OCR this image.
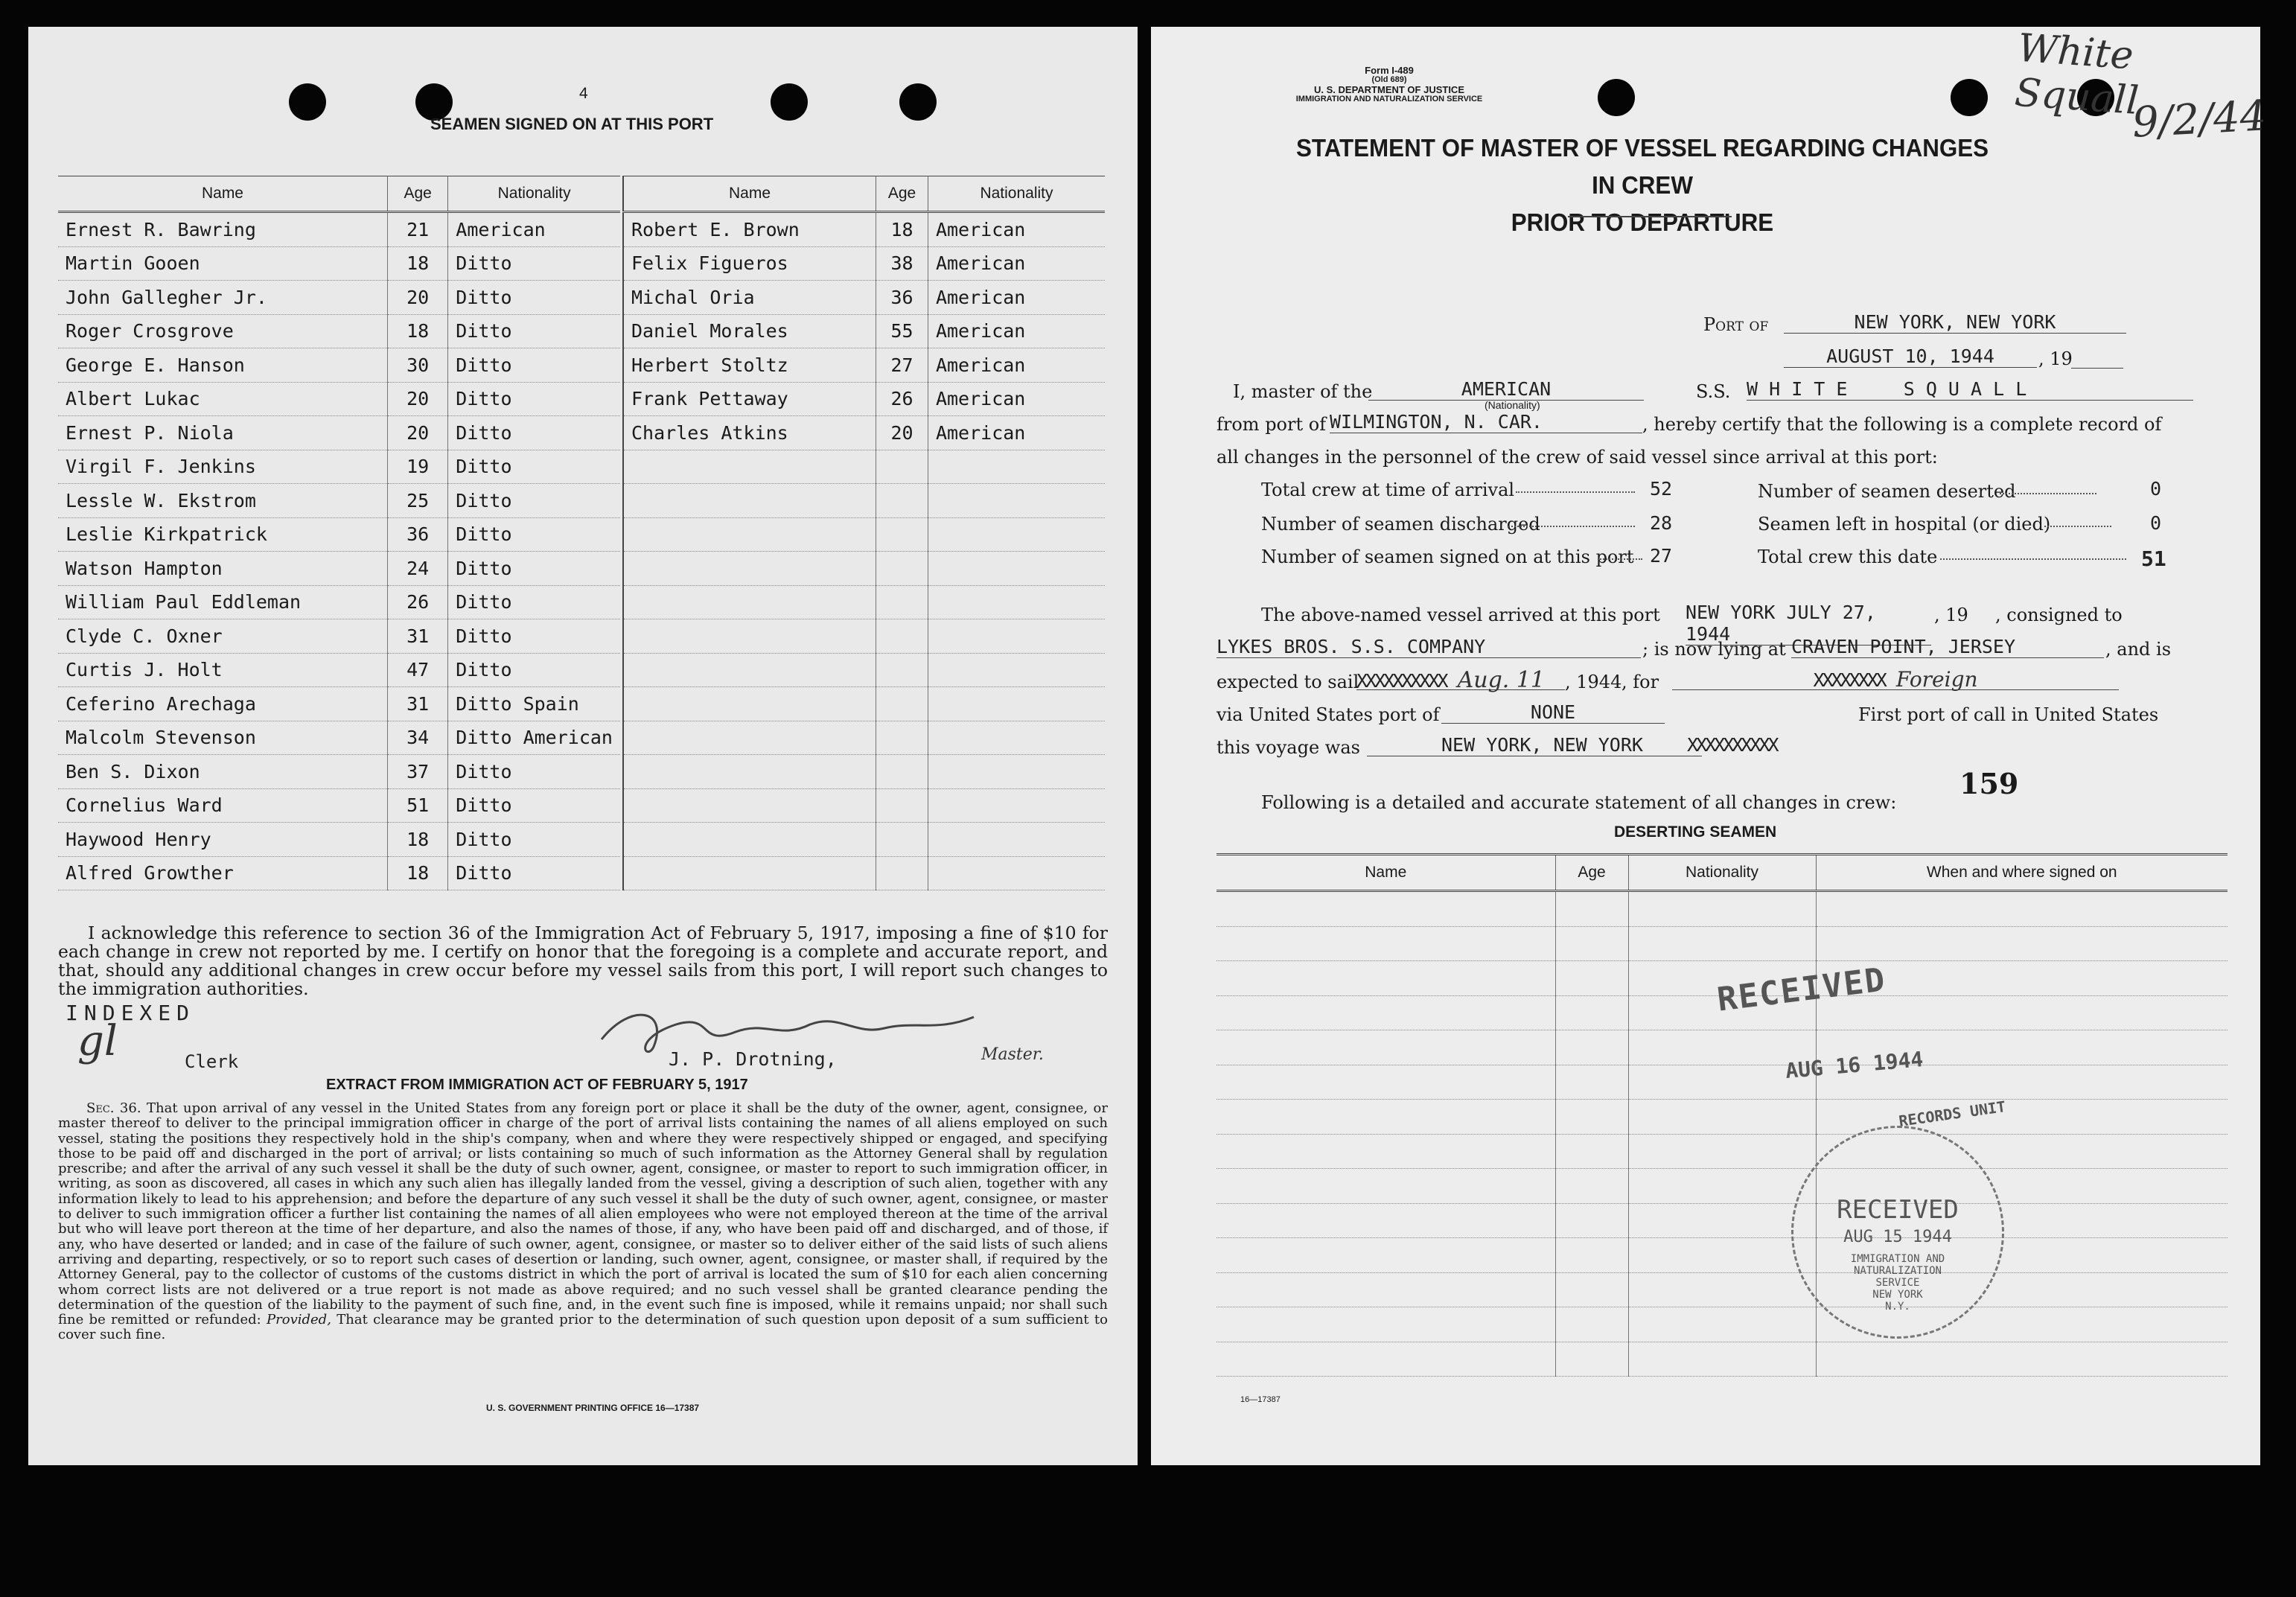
4
SEAMEN SIGNED ON AT THIS PORT
Name	Age	Nationality
Ernest R. Bawring	21	American
Martin Gooen	18	Ditto
John Gallegher Jr.	20	Ditto
Roger Crosgrove	18	Ditto
George E. Hanson	30	Ditto
Albert Lukac	20	Ditto
Ernest P. Niola	20	Ditto
Virgil F. Jenkins	19	Ditto
Lessle W. Ekstrom	25	Ditto
Leslie Kirkpatrick	36	Ditto
Watson Hampton	24	Ditto
William Paul Eddleman	26	Ditto
Clyde C. Oxner	31	Ditto
Curtis J. Holt	47	Ditto
Ceferino Arechaga	31	Ditto Spain
Malcolm Stevenson	34	Ditto American
Ben S. Dixon	37	Ditto
Cornelius Ward	51	Ditto
Haywood Henry	18	Ditto
Alfred Growther	18	Ditto
Name	Age	Nationality
Robert E. Brown	18	American
Felix Figueros	38	American
Michal Oria	36	American
Daniel Morales	55	American
Herbert Stoltz	27	American
Frank Pettaway	26	American
Charles Atkins	20	American

I acknowledge this reference to section 36 of the Immigration Act of February 5, 1917, imposing a fine of $10 for each change in crew not reported by me. I certify on honor that the foregoing is a complete and accurate report, and that, should any additional changes in crew occur before my vessel sails from this port, I will report such changes to the immigration authorities.
INDEXED
gl	Clerk	J. P. Drotning,	Master.
EXTRACT FROM IMMIGRATION ACT OF FEBRUARY 5, 1917
Sec. 36. That upon arrival of any vessel in the United States from any foreign port or place it shall be the duty of the owner, agent, consignee, or master thereof to deliver to the principal immigration officer in charge of the port of arrival lists containing the names of all aliens employed on such vessel, stating the positions they respectively hold in the ship's company, when and where they were respectively shipped or engaged, and specifying those to be paid off and discharged in the port of arrival; or lists containing so much of such information as the Attorney General shall by regulation prescribe; and after the arrival of any such vessel it shall be the duty of such owner, agent, consignee, or master to report to such immigration officer, in writing, as soon as discovered, all cases in which any such alien has illegally landed from the vessel, giving a description of such alien, together with any information likely to lead to his apprehension; and before the departure of any such vessel it shall be the duty of such owner, agent, consignee, or master to deliver to such immigration officer a further list containing the names of all alien employees who were not employed thereon at the time of the arrival but who will leave port thereon at the time of her departure, and also the names of those, if any, who have been paid off and discharged, and of those, if any, who have deserted or landed; and in case of the failure of such owner, agent, consignee, or master so to deliver either of the said lists of such aliens arriving and departing, respectively, or so to report such cases of desertion or landing, such owner, agent, consignee, or master shall, if required by the Attorney General, pay to the collector of customs of the customs district in which the port of arrival is located the sum of $10 for each alien concerning whom correct lists are not delivered or a true report is not made as above required; and no such vessel shall be granted clearance pending the determination of the question of the liability to the payment of such fine, and, in the event such fine is imposed, while it remains unpaid; nor shall such fine be remitted or refunded: Provided, That clearance may be granted prior to the determination of such question upon deposit of a sum sufficient to cover such fine.
U. S. GOVERNMENT PRINTING OFFICE 16—17387
Form I-489
(Old 689)
U. S. DEPARTMENT OF JUSTICE
IMMIGRATION AND NATURALIZATION SERVICE
White Squall
9/2/44
STATEMENT OF MASTER OF VESSEL REGARDING CHANGES IN CREW
PRIOR TO DEPARTURE
Port of	NEW YORK, NEW YORK
AUGUST 10, 1944	, 19
I, master of the	AMERICAN
(Nationality)
S.S. W H I T E     S Q U A L L
from port of WILMINGTON, N. CAR.	, hereby certify that the following is a complete record of
all changes in the personnel of the crew of said vessel since arrival at this port:
Total crew at time of arrival	52
Number of seamen discharged	28
Number of seamen signed on at this port 27
Number of seamen deserted	0
Seamen left in hospital (or died)	0
Total crew this date	51
The above-named vessel arrived at this port NEW YORK JULY 27, 1944
, 19 , consigned to
LYKES BROS. S.S. COMPANY	; is now lying at CRAVEN POINT, JERSEY	, and is
expected to sail
XXXXXXXXXX Aug. 11	, 1944 , for	XXXXXXXX Foreign
via United States port of	NONE	First port of call in United States
this voyage was	NEW YORK, NEW YORK	XXXXXXXXXX
159
Following is a detailed and accurate statement of all changes in crew:
DESERTING SEAMEN
Name	Age	Nationality	When and where signed on

RECEIVED
AUG 16 1944
RECORDS UNIT
RECEIVED
AUG 15 1944
IMMIGRATION AND
NATURALIZATION
SERVICE
NEW YORK
N.Y.
16—17387
